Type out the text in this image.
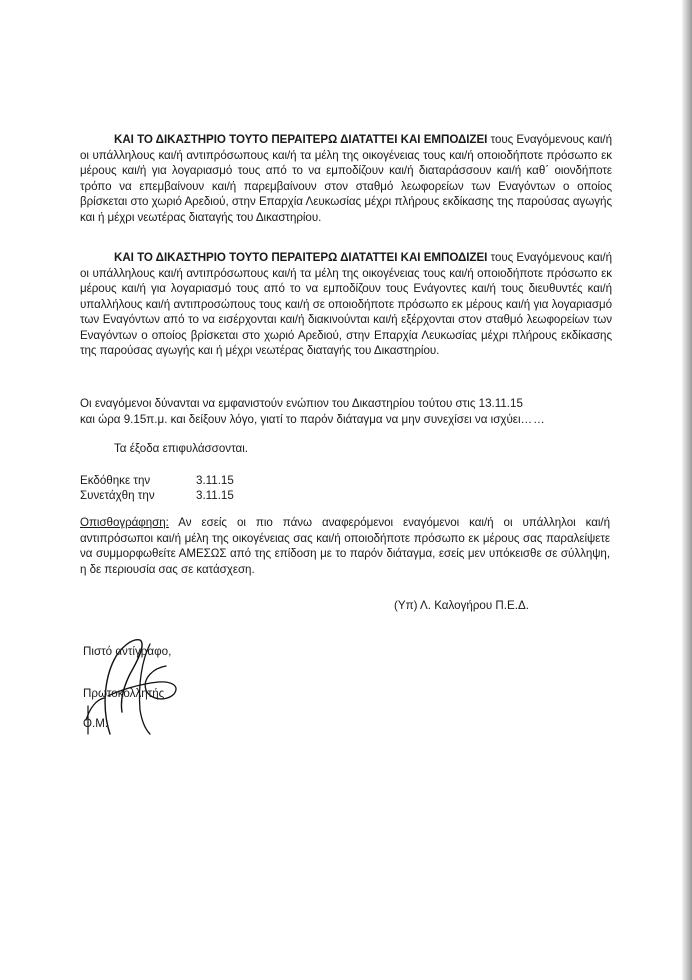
ΚΑΙ ΤΟ ΔΙΚΑΣΤΗΡΙΟ ΤΟΥΤΟ ΠΕΡΑΙΤΕΡΩ ΔΙΑΤΑΤΤΕΙ ΚΑΙ ΕΜΠΟΔΙΖΕΙ τους Εναγόμενους και/ή οι υπάλληλους και/ή αντιπρόσωπους και/ή τα μέλη της οικογένειας τους και/ή οποιοδήποτε πρόσωπο εκ μέρους και/ή για λογαριασμό τους από το να εμποδίζουν και/ή διαταράσσουν και/ή καθ΄ οιονδήποτε τρόπο να επεμβαίνουν και/ή παρεμβαίνουν στον σταθμό λεωφορείων των Εναγόντων ο οποίος βρίσκεται στο χωριό Αρεδιού, στην Επαρχία Λευκωσίας μέχρι πλήρους εκδίκασης της παρούσας αγωγής και ή μέχρι νεωτέρας διαταγής του Δικαστηρίου.

ΚΑΙ ΤΟ ΔΙΚΑΣΤΗΡΙΟ ΤΟΥΤΟ ΠΕΡΑΙΤΕΡΩ ΔΙΑΤΑΤΤΕΙ ΚΑΙ ΕΜΠΟΔΙΖΕΙ τους Εναγόμενους και/ή οι υπάλληλους και/ή αντιπρόσωπους και/ή τα μέλη της οικογένειας τους και/ή οποιοδήποτε πρόσωπο εκ μέρους και/ή για λογαριασμό τους από το να εμποδίζουν τους Ενάγοντες και/ή τους διευθυντές και/ή υπαλλήλους και/ή αντιπροσώπους τους και/ή σε οποιοδήποτε πρόσωπο εκ μέρους και/ή για λογαριασμό των Εναγόντων από το να εισέρχονται και/ή διακινούνται και/ή εξέρχονται στον σταθμό λεωφορείων των Εναγόντων ο οποίος βρίσκεται στο χωριό Αρεδιού, στην Επαρχία Λευκωσίας μέχρι πλήρους εκδίκασης της παρούσας αγωγής και ή μέχρι νεωτέρας διαταγής του Δικαστηρίου.

Οι εναγόμενοι δύνανται να εμφανιστούν ενώπιον του Δικαστηρίου τούτου στις 13.11.15

και ώρα 9.15π.μ. και δείξουν λόγο, γιατί το παρόν διάταγμα να μην συνεχίσει να ισχύει……

Τα έξοδα επιφυλάσσονται.

Εκδόθηκε την	3.11.15

Συνετάχθη την	3.11.15

Οπισθογράφηση: Αν εσείς οι πιο πάνω αναφερόμενοι εναγόμενοι και/ή οι υπάλληλοι και/ή αντιπρόσωποι και/ή μέλη της οικογένειας σας και/ή οποιοδήποτε πρόσωπο εκ μέρους σας παραλείψετε να συμμορφωθείτε ΑΜΕΣΩΣ από της επίδοση με το παρόν διάταγμα, εσείς μεν υπόκεισθε σε σύλληψη, η δε περιουσία σας σε κατάσχεση.

(Υπ) Λ. Καλογήρου Π.Ε.Δ.

Πιστό αντίγραφο,

Πρωτοκολλητής

Ο.Μ.
